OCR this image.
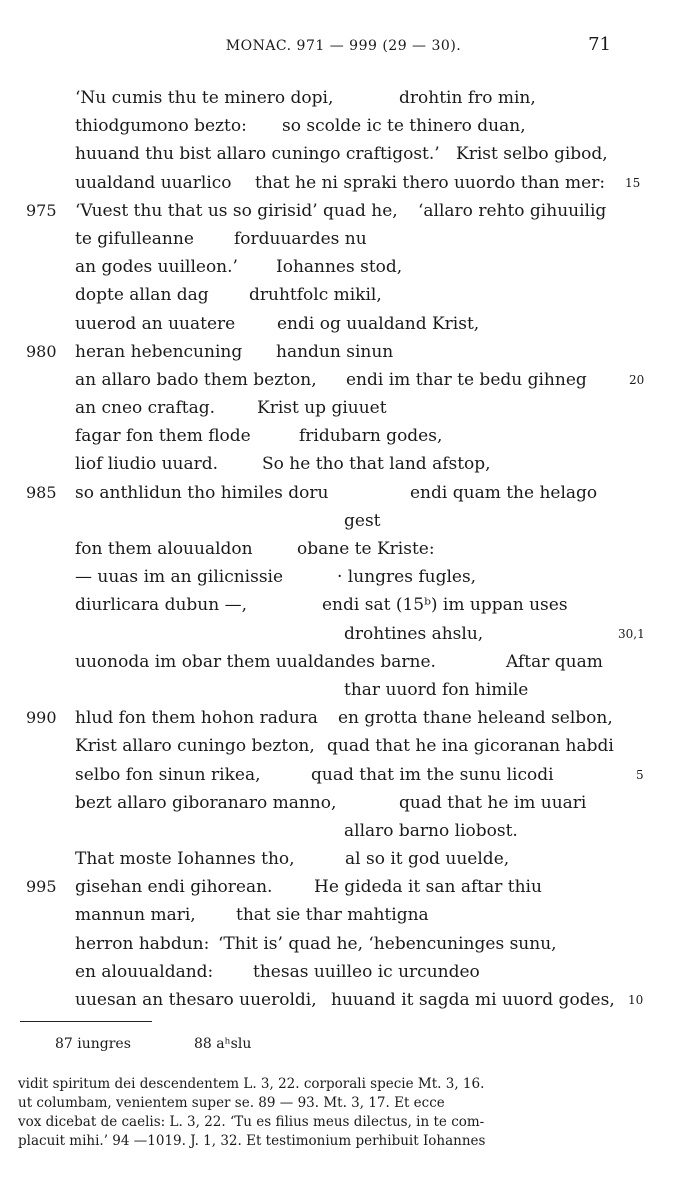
MONAC. 971 — 999 (29 — 30).	71
‘Nu cumis thu te minero dopi,	drohtin fro min,
thiodgumono bezto: so scolde ic te thinero duan,
huuand thu bist allaro cuningo craftigost.’ Krist selbo gibod,
uualdand uuarlico that he ni spraki thero uuordo than mer: 15
975 ‘Vuest thu that us so girisid’ quad he, ‘allaro rehto gihuuilig
te gifulleanne forduuardes nu
an godes uuilleon.’ Iohannes stod,
dopte allan dag druhtfolc mikil,
uuerod an uuatere endi og uualdand Krist,
980 heran hebencuning handun sinun
an allaro bado them bezton, endi im thar te bedu gihneg	20
an cneo craftag. Krist up giuuet
fagar fon them flode	fridubarn godes,
liof liudio uuard.	So he tho that land afstop,
985 so anthlidun tho himiles doru	endi quam the helago
gest
fon them alouualdon	obane te Kriste:
— uuas im an gilicnissie	· lungres fugles,
diurlicara dubun —,	endi sat (15ᵇ) im uppan uses
drohtines ahslu,	30,1
uuonoda im obar them uualdandes barne.	Aftar quam
thar uuord fon himile
990 hlud fon them hohon radura en grotta thane heleand selbon,
Krist allaro cuningo bezton, quad that he ina gicoranan habdi
selbo fon sinun rikea,	quad that im the sunu licodi	5
bezt allaro giboranaro manno,	quad that he im uuari
allaro barno liobost.
That moste Iohannes tho,	al so it god uuelde,
995 gisehan endi gihorean. He gideda it san aftar thiu
mannun mari, that sie thar mahtigna
herron habdun: ‘Thit is’ quad he, ‘hebencuninges sunu,
en alouualdand: thesas uuilleo ic urcundeo
uuesan an thesaro uueroldi, huuand it sagda mi uuord godes, 10
87 iungres	88 aʰslu
vidit spiritum dei descendentem L. 3, 22. corporali specie Mt. 3, 16.
ut columbam, venientem super se. 89 — 93. Mt. 3, 17. Et ecce
vox dicebat de caelis: L. 3, 22. ‘Tu es filius meus dilectus, in te com-
placuit mihi.’ 94 —1019. J. 1, 32. Et testimonium perhibuit Iohannes
